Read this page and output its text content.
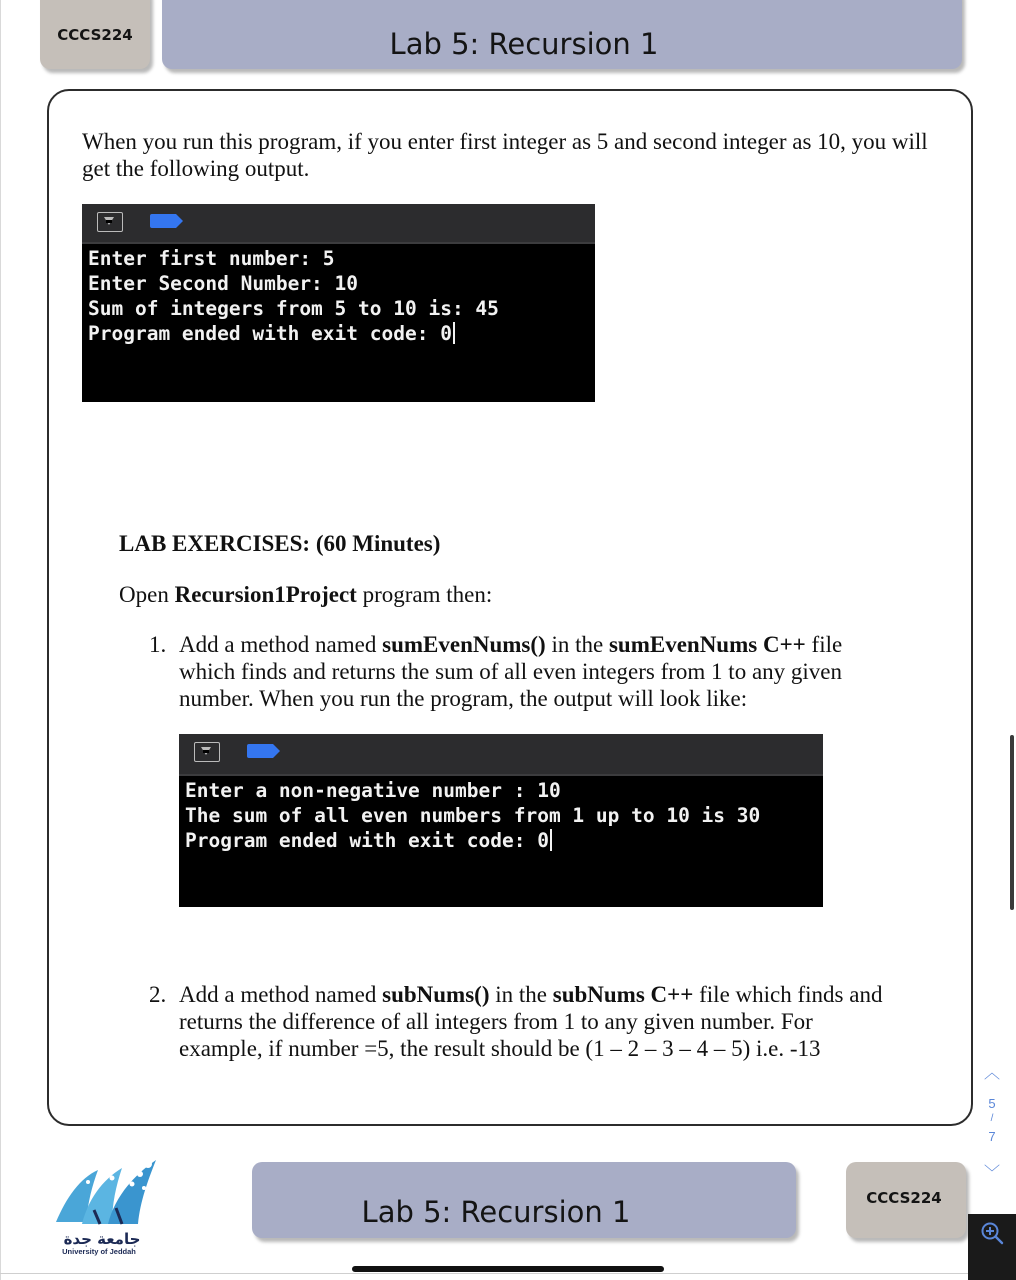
CCCS224	Lab 5: Recursion 1

When you run this program, if you enter first integer as 5 and second integer as 10, you will get the following output.

Enter first number: 5
Enter Second Number: 10
Sum of integers from 5 to 10 is: 45
Program ended with exit code: 0
LAB EXERCISES: (60 Minutes)

Open Recursion1Project program then:

1. Add a method named sumEvenNums() in the sumEvenNums C++ file which finds and returns the sum of all even integers from 1 to any given number. When you run the program, the output will look like:

Enter a non-negative number : 10
The sum of all even numbers from 1 up to 10 is 30
Program ended with exit code: 0
2. Add a method named subNums() in the subNums C++ file which finds and returns the difference of all integers from 1 to any given number. For example, if number =5, the result should be (1 – 2 – 3 – 4 – 5) i.e. -13

جامعة جدة
University of Jeddah
Lab 5: Recursion 1	CCCS224
︿
5
/
7
﹀
